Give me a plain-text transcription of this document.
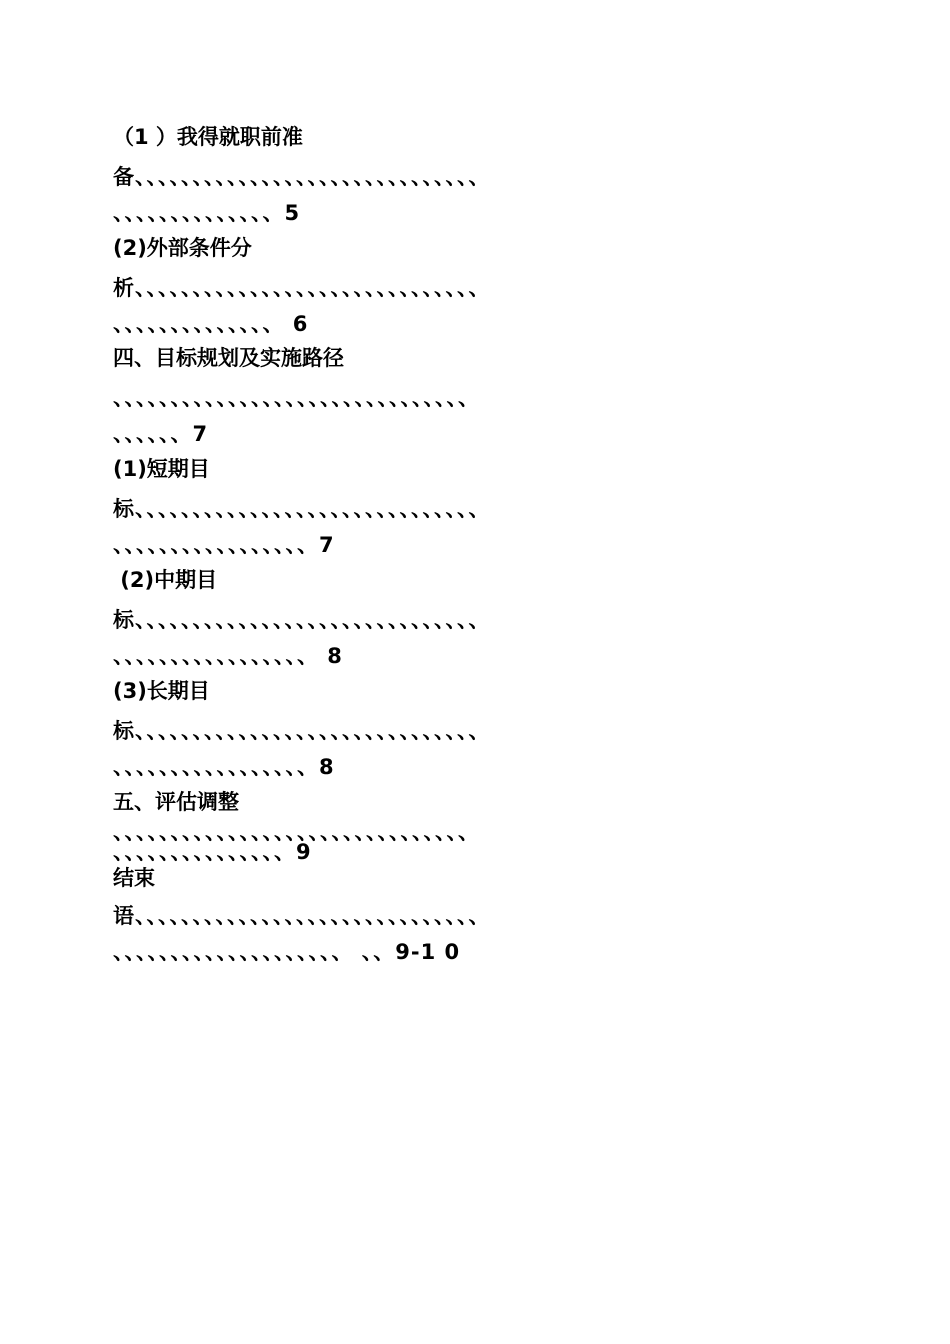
（1 ）我得就职前准
备、、、、、、、、、、、、、、、、、、、、、、、、、、、、、、
、、、、、、、、、、、、、、5
(2)外部条件分
析、、、、、、、、、、、、、、、、、、、、、、、、、、、、、、
、、、、、、、、、、、、、、 6
四、目标规划及实施路径
、、、、、、、、、、、、、、、、、、、、、、、、、、、、、、、
、、、、、、7
(1)短期目
标、、、、、、、、、、、、、、、、、、、、、、、、、、、、、、
、、、、、、、、、、、、、、、、、7
(2)中期目
标、、、、、、、、、、、、、、、、、、、、、、、、、、、、、、
、、、、、、、、、、、、、、、、、 8
(3)长期目
标、、、、、、、、、、、、、、、、、、、、、、、、、、、、、、
、、、、、、、、、、、、、、、、、8
五、评估调整
、、、、、、、、、、、、、、、、、、、、、、、、、、、、、、、
、、、、、、、、、、、、、、、9
结束
语、、、、、、、、、、、、、、、、、、、、、、、、、、、、、、
、、、、、、、、、、、、、、、、、、、、 、、9-1 0
